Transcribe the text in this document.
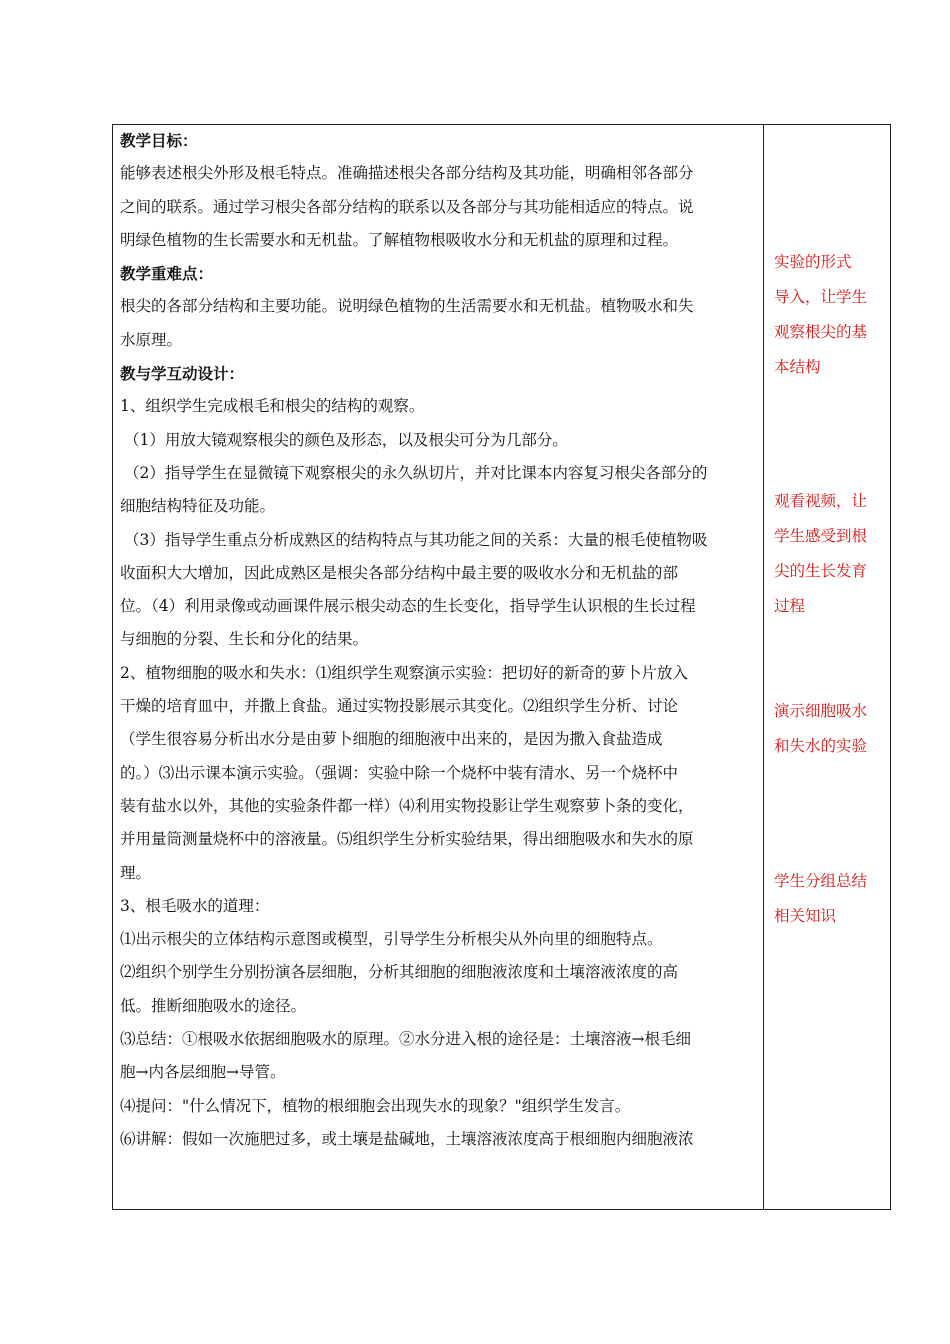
教学目标：

能够表述根尖外形及根毛特点。准确描述根尖各部分结构及其功能，明确相邻各部分

之间的联系。通过学习根尖各部分结构的联系以及各部分与其功能相适应的特点。说

明绿色植物的生长需要水和无机盐。了解植物根吸收水分和无机盐的原理和过程。

教学重难点：

根尖的各部分结构和主要功能。说明绿色植物的生活需要水和无机盐。植物吸水和失

水原理。

教与学互动设计：

1、组织学生完成根毛和根尖的结构的观察。

（1）用放大镜观察根尖的颜色及形态，以及根尖可分为几部分。

（2）指导学生在显微镜下观察根尖的永久纵切片，并对比课本内容复习根尖各部分的

细胞结构特征及功能。

（3）指导学生重点分析成熟区的结构特点与其功能之间的关系：大量的根毛使植物吸

收面积大大增加，因此成熟区是根尖各部分结构中最主要的吸收水分和无机盐的部

位。（4）利用录像或动画课件展示根尖动态的生长变化，指导学生认识根的生长过程

与细胞的分裂、生长和分化的结果。

2、植物细胞的吸水和失水：⑴组织学生观察演示实验：把切好的新奇的萝卜片放入

干燥的培育皿中，并撒上食盐。通过实物投影展示其变化。⑵组织学生分析、讨论

（学生很容易分析出水分是由萝卜细胞的细胞液中出来的，是因为撒入食盐造成

的。）⑶出示课本演示实验。（强调：实验中除一个烧杯中装有清水、另一个烧杯中

装有盐水以外，其他的实验条件都一样）⑷利用实物投影让学生观察萝卜条的变化，

并用量筒测量烧杯中的溶液量。⑸组织学生分析实验结果，得出细胞吸水和失水的原

理。

3、根毛吸水的道理：

⑴出示根尖的立体结构示意图或模型，引导学生分析根尖从外向里的细胞特点。

⑵组织个别学生分别扮演各层细胞，分析其细胞的细胞液浓度和土壤溶液浓度的高

低。推断细胞吸水的途径。

⑶总结：①根吸水依据细胞吸水的原理。②水分进入根的途径是：土壤溶液→根毛细

胞→内各层细胞→导管。

⑷提问："什么情况下，植物的根细胞会出现失水的现象？"组织学生发言。

⑹讲解：假如一次施肥过多，或土壤是盐碱地，土壤溶液浓度高于根细胞内细胞液浓

实验的形式
导入，让学生
观察根尖的基
本结构
观看视频，让
学生感受到根
尖的生长发育
过程
演示细胞吸水
和失水的实验
学生分组总结
相关知识
